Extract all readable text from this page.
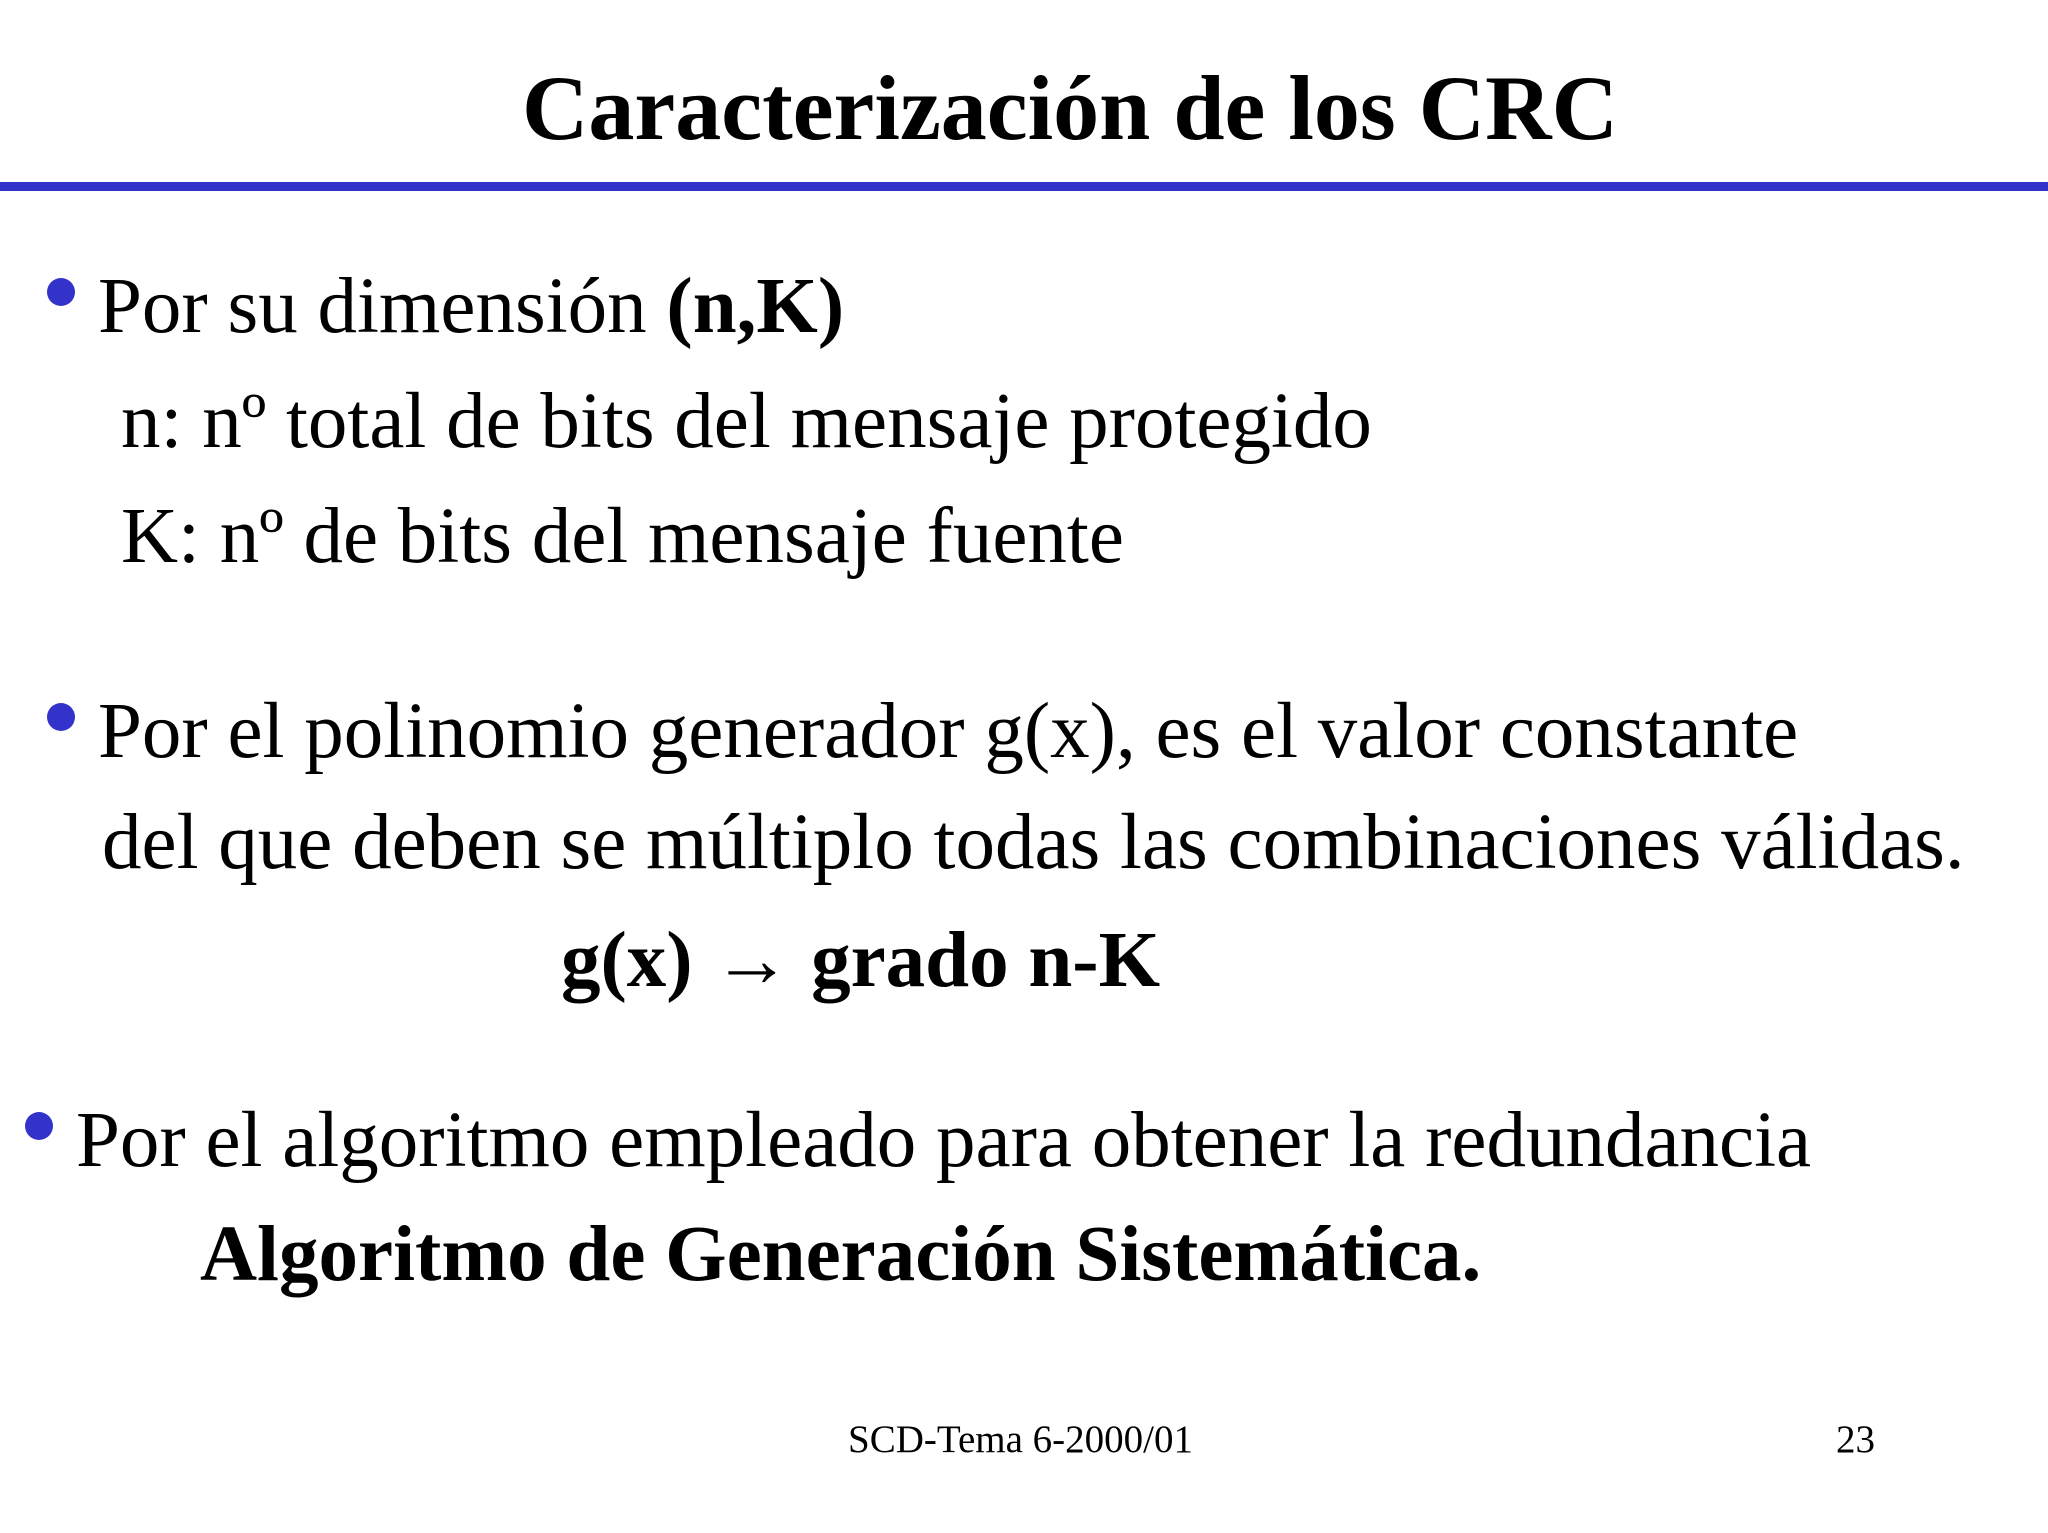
Caracterización de los CRC
Por su dimensión (n,K)
n: nº total de bits del mensaje protegido
K: nº de bits del mensaje fuente
Por el polinomio generador g(x), es el valor constante
del que deben se múltiplo todas las combinaciones válidas.
g(x) → grado n-K
Por el algoritmo empleado para obtener la redundancia
Algoritmo de Generación Sistemática.
SCD-Tema 6-2000/01	23
